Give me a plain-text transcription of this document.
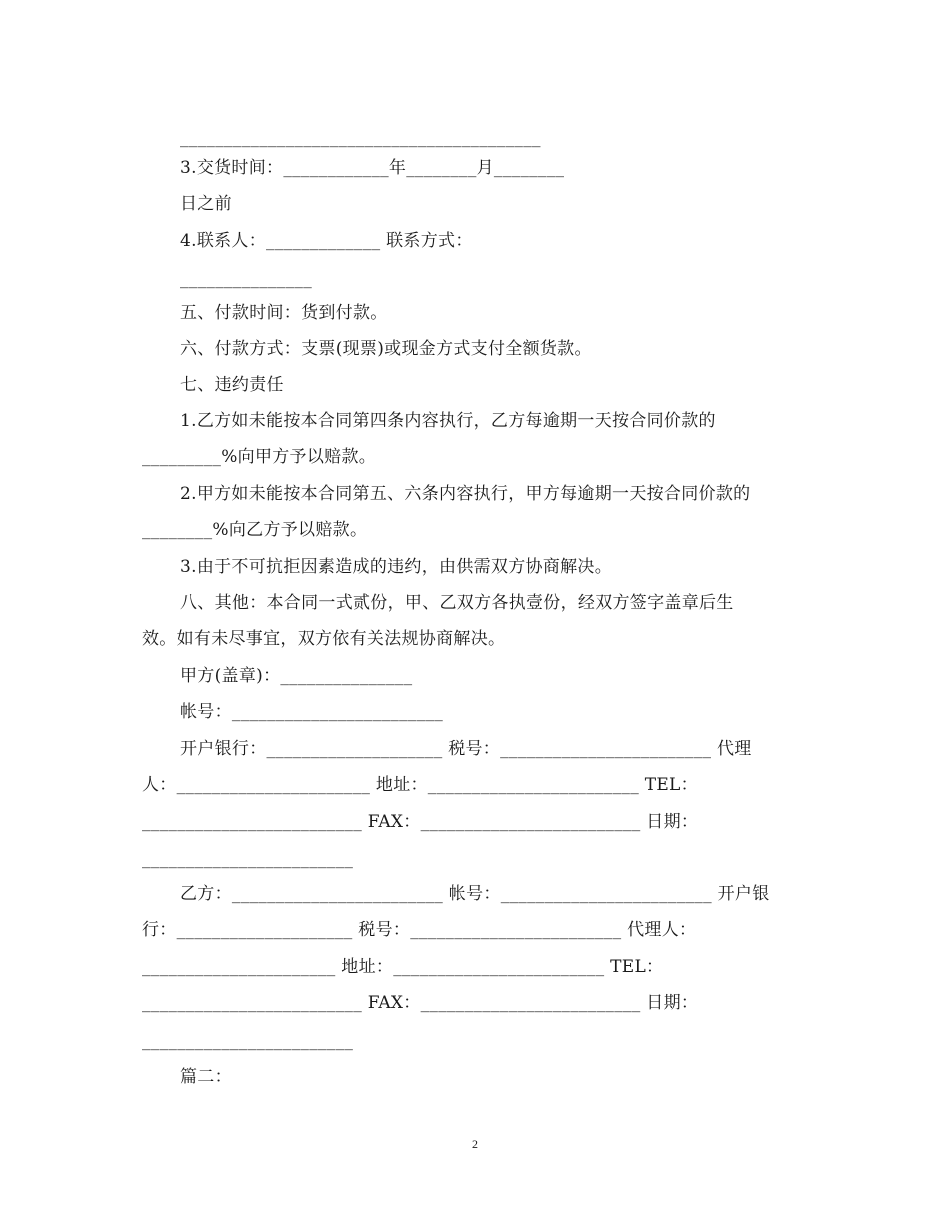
_________________________________________
3.交货时间：____________年________月________
日之前
4.联系人：_____________ 联系方式：
_______________
五、付款时间：货到付款。
六、付款方式：支票(现票)或现金方式支付全额货款。
七、违约责任
1.乙方如未能按本合同第四条内容执行，乙方每逾期一天按合同价款的
_________%向甲方予以赔款。
2.甲方如未能按本合同第五、六条内容执行，甲方每逾期一天按合同价款的
________%向乙方予以赔款。
3.由于不可抗拒因素造成的违约，由供需双方协商解决。
八、其他：本合同一式贰份，甲、乙双方各执壹份，经双方签字盖章后生
效。如有未尽事宜，双方依有关法规协商解决。
甲方(盖章)：_______________
帐号：________________________
开户银行：____________________ 税号：________________________ 代理
人：______________________ 地址：________________________ TEL：
_________________________ FAX：_________________________ 日期：
________________________
乙方：________________________ 帐号：________________________ 开户银
行：____________________ 税号：________________________ 代理人：
______________________ 地址：________________________ TEL：
_________________________ FAX：_________________________ 日期：
________________________
篇二：
2
